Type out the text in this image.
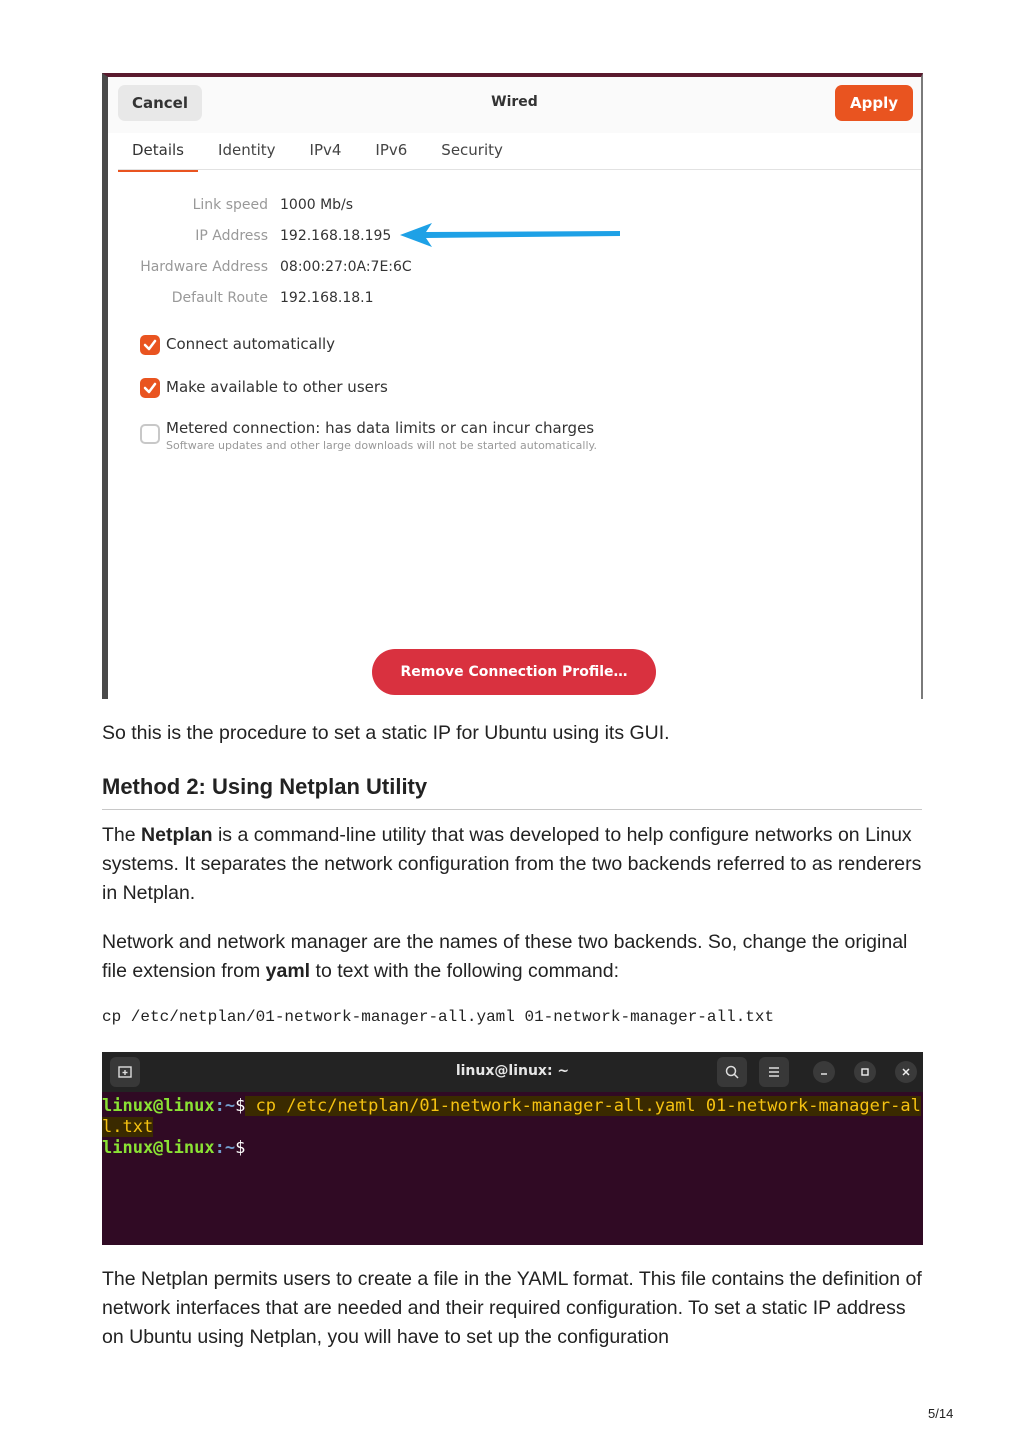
Cancel	Wired	Apply
Details	Identity	IPv4	IPv6	Security
Link speed 1000 Mb/s
IP Address 192.168.18.195
Hardware Address 08:00:27:0A:7E:6C
Default Route 192.168.18.1
Connect automatically
Make available to other users
Metered connection: has data limits or can incur charges
Software updates and other large downloads will not be started automatically.
Remove Connection Profile…
So this is the procedure to set a static IP for Ubuntu using its GUI.
Method 2: Using Netplan Utility
The Netplan is a command-line utility that was developed to help configure networks on Linux systems. It separates the network configuration from the two backends referred to as renderers in Netplan.
Network and network manager are the names of these two backends. So, change the original file extension from yaml to text with the following command:
cp /etc/netplan/01-network-manager-all.yaml 01-network-manager-all.txt
linux@linux: ~
linux@linux:~$ cp /etc/netplan/01-network-manager-all.yaml 01-network-manager-al
l.txt
linux@linux:~$
The Netplan permits users to create a file in the YAML format. This file contains the definition of network interfaces that are needed and their required configuration. To set a static IP address on Ubuntu using Netplan, you will have to set up the configuration
5/14
